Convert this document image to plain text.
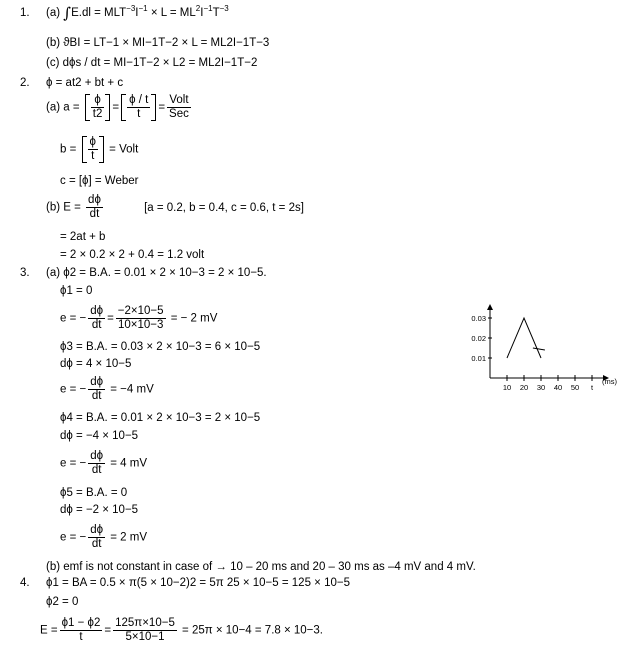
1. (a) $\int E.dl = MLT^{-3}I^{-1} \times L = ML^2I^{-1}T^{-3}$
(b) ϑBI = LT−1 × MI−1T−2 × L = ML2I−1T−3
(c) dϕs / dt = MI−1T−2 × L2 = ML2I−1T−2
2. ϕ = at2 + bt + c
(a) $a = \frac{\phi}{t2} = \frac{\phi / t}{t} = \frac{\text{Volt}}{\text{Sec}}$
$b = \frac{\phi}{t}$ = Volt
c = [ϕ] = Weber
(b) $E = \frac{d\phi}{dt}$	[a = 0.2, b = 0.4, c = 0.6, t = 2s]
= 2at + b
= 2 × 0.2 × 2 + 0.4 = 1.2 volt
3. (a) ϕ2 = B.A. = 0.01 × 2 × 10−3 = 2 × 10−5.
ϕ1 = 0
e = − $\frac{d\phi}{dt} = \frac{-2\times 10-5}{10\times 10-3}$ = − 2 mV
ϕ3 = B.A. = 0.03 × 2 × 10−3 = 6 × 10−5
dϕ = 4 × 10−5
e = − $\frac{d\phi}{dt} = -4$ mV
ϕ4 = B.A. = 0.01 × 2 × 10−3 = 2 × 10−5
dϕ = −4 × 10−5
e = − $\frac{d\phi}{dt} = 4$ mV
ϕ5 = B.A. = 0
dϕ = −2 × 10−5
e = − $\frac{d\phi}{dt} = 2$ mV
(b) emf is not constant in case of → 10 – 20 ms and 20 – 30 ms as –4 mV and 4 mV.
4. ϕ1 = BA = 0.5 × π(5 × 10−2)2 = 5π 25 × 10−5 = 125 × 10−5
ϕ2 = 0
$E = \frac{\phi 1 - \phi 2}{t} = \frac{125\pi\times 10-5}{5\times 10-1} = 25\pi \times 10-4 = 7.8 \times 10-3$.
0.03
0.02
0.01
10 20 30 40 50 t
(ms)
